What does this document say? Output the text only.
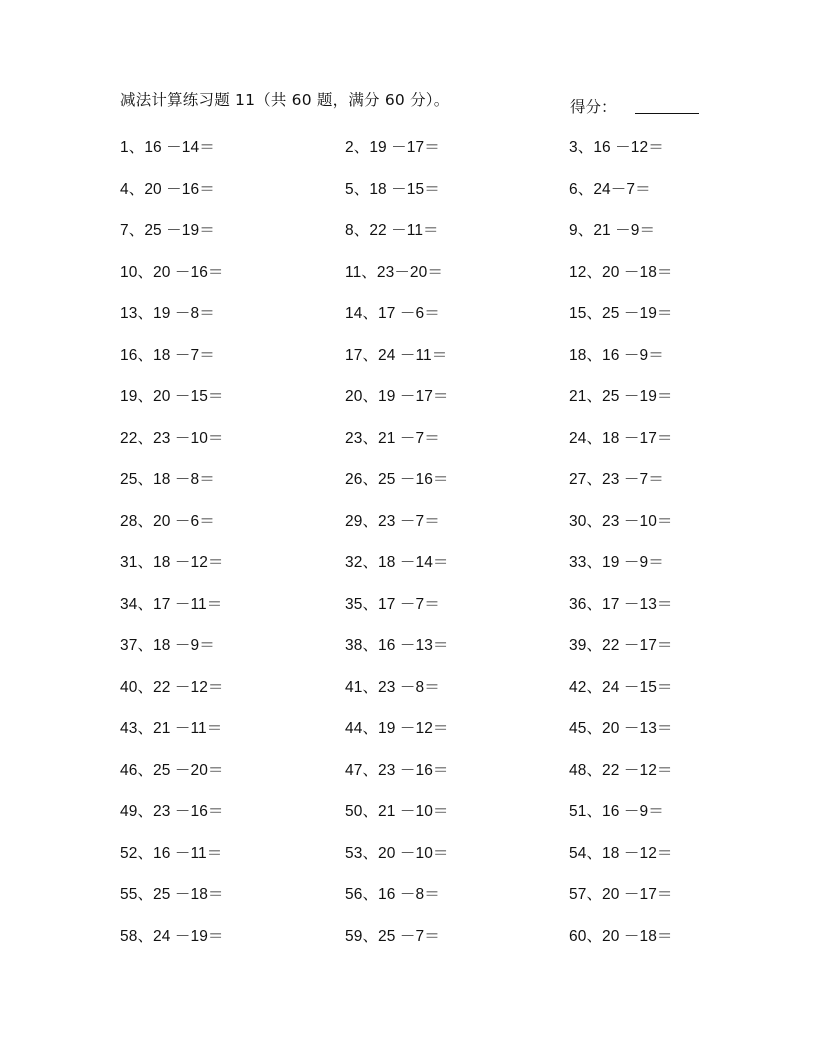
减法计算练习题 11（共 60 题，满分 60 分）。	得分：
1、16 －14＝	2、19 －17＝	3、16 －12＝
4、20 －16＝	5、18 －15＝	6、24－7＝
7、25 －19＝	8、22 －11＝	9、21 －9＝
10、20 －16＝	11、23－20＝	12、20 －18＝
13、19 －8＝	14、17 －6＝	15、25 －19＝
16、18 －7＝	17、24 －11＝	18、16 －9＝
19、20 －15＝	20、19 －17＝	21、25 －19＝
22、23 －10＝	23、21 －7＝	24、18 －17＝
25、18 －8＝	26、25 －16＝	27、23 －7＝
28、20 －6＝	29、23 －7＝	30、23 －10＝
31、18 －12＝	32、18 －14＝	33、19 －9＝
34、17 －11＝	35、17 －7＝	36、17 －13＝
37、18 －9＝	38、16 －13＝	39、22 －17＝
40、22 －12＝	41、23 －8＝	42、24 －15＝
43、21 －11＝	44、19 －12＝	45、20 －13＝
46、25 －20＝	47、23 －16＝	48、22 －12＝
49、23 －16＝	50、21 －10＝	51、16 －9＝
52、16 －11＝	53、20 －10＝	54、18 －12＝
55、25 －18＝	56、16 －8＝	57、20 －17＝
58、24 －19＝	59、25 －7＝	60、20 －18＝
